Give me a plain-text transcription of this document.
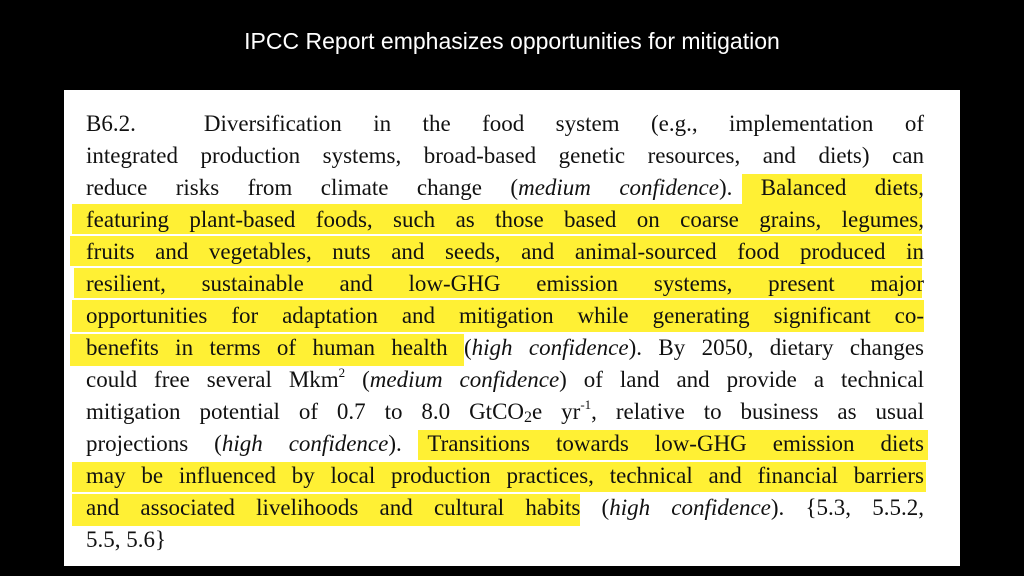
IPCC Report emphasizes opportunities for mitigation
B6.2.	Diversification in the food system (e.g., implementation of
integrated production systems, broad-based genetic resources, and diets) can
reduce risks from climate change (medium confidence). Balanced diets,
featuring plant-based foods, such as those based on coarse grains, legumes,
fruits and vegetables, nuts and seeds, and animal-sourced food produced in
resilient, sustainable and low-GHG emission systems, present major
opportunities for adaptation and mitigation while generating significant co-
benefits in terms of human health (high confidence). By 2050, dietary changes
could free several Mkm$^2$ (medium confidence) of land and provide a technical
mitigation potential of 0.7 to 8.0 GtCO$_2$e $yr^{-1}$, relative to business as usual
projections (high confidence). Transitions towards low-GHG emission diets
may be influenced by local production practices, technical and financial barriers
and associated livelihoods and cultural habits (high confidence). {5.3, 5.5.2,
5.5, 5.6}
